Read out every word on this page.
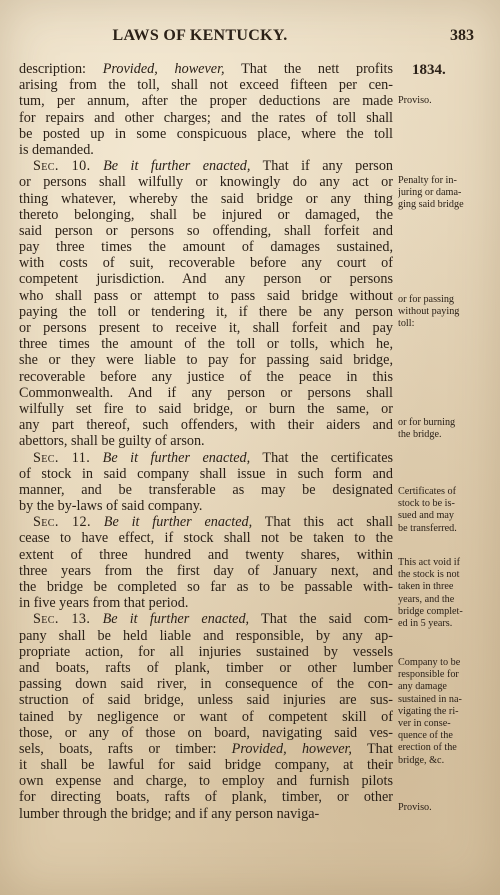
LAWS OF KENTUCKY.	383
1834.
description: Provided, however, That the nett profits
arising from the toll, shall not exceed fifteen per cen-
tum, per annum, after the proper deductions are made
for repairs and other charges; and the rates of toll shall
be posted up in some conspicuous place, where the toll
is demanded.
Sec. 10. Be it further enacted, That if any person
or persons shall wilfully or knowingly do any act or
thing whatever, whereby the said bridge or any thing
thereto belonging, shall be injured or damaged, the
said person or persons so offending, shall forfeit and
pay three times the amount of damages sustained,
with costs of suit, recoverable before any court of
competent jurisdiction. And any person or persons
who shall pass or attempt to pass said bridge without
paying the toll or tendering it, if there be any person
or persons present to receive it, shall forfeit and pay
three times the amount of the toll or tolls, which he,
she or they were liable to pay for passing said bridge,
recoverable before any justice of the peace in this
Commonwealth. And if any person or persons shall
wilfully set fire to said bridge, or burn the same, or
any part thereof, such offenders, with their aiders and
abettors, shall be guilty of arson.
Sec. 11. Be it further enacted, That the certificates
of stock in said company shall issue in such form and
manner, and be transferable as may be designated
by the by-laws of said company.
Sec. 12. Be it further enacted, That this act shall
cease to have effect, if stock shall not be taken to the
extent of three hundred and twenty shares, within
three years from the first day of January next, and
the bridge be completed so far as to be passable with-
in five years from that period.
Sec. 13. Be it further enacted, That the said com-
pany shall be held liable and responsible, by any ap-
propriate action, for all injuries sustained by vessels
and boats, rafts of plank, timber or other lumber
passing down said river, in consequence of the con-
struction of said bridge, unless said injuries are sus-
tained by negligence or want of competent skill of
those, or any of those on board, navigating said ves-
sels, boats, rafts or timber: Provided, however, That
it shall be lawful for said bridge company, at their
own expense and charge, to employ and furnish pilots
for directing boats, rafts of plank, timber, or other
lumber through the bridge; and if any person naviga-
Proviso.
Penalty for in-
juring or dama-
ging said bridge
or for passing
without paying
toll:
or for burning
the bridge.
Certificates of
stock to be is-
sued and may
be transferred.
This act void if
the stock is not
taken in three
years, and the
bridge complet-
ed in 5 years.
Company to be
responsible for
any damage
sustained in na-
vigating the ri-
ver in conse-
quence of the
erection of the
bridge, &c.
Proviso.
